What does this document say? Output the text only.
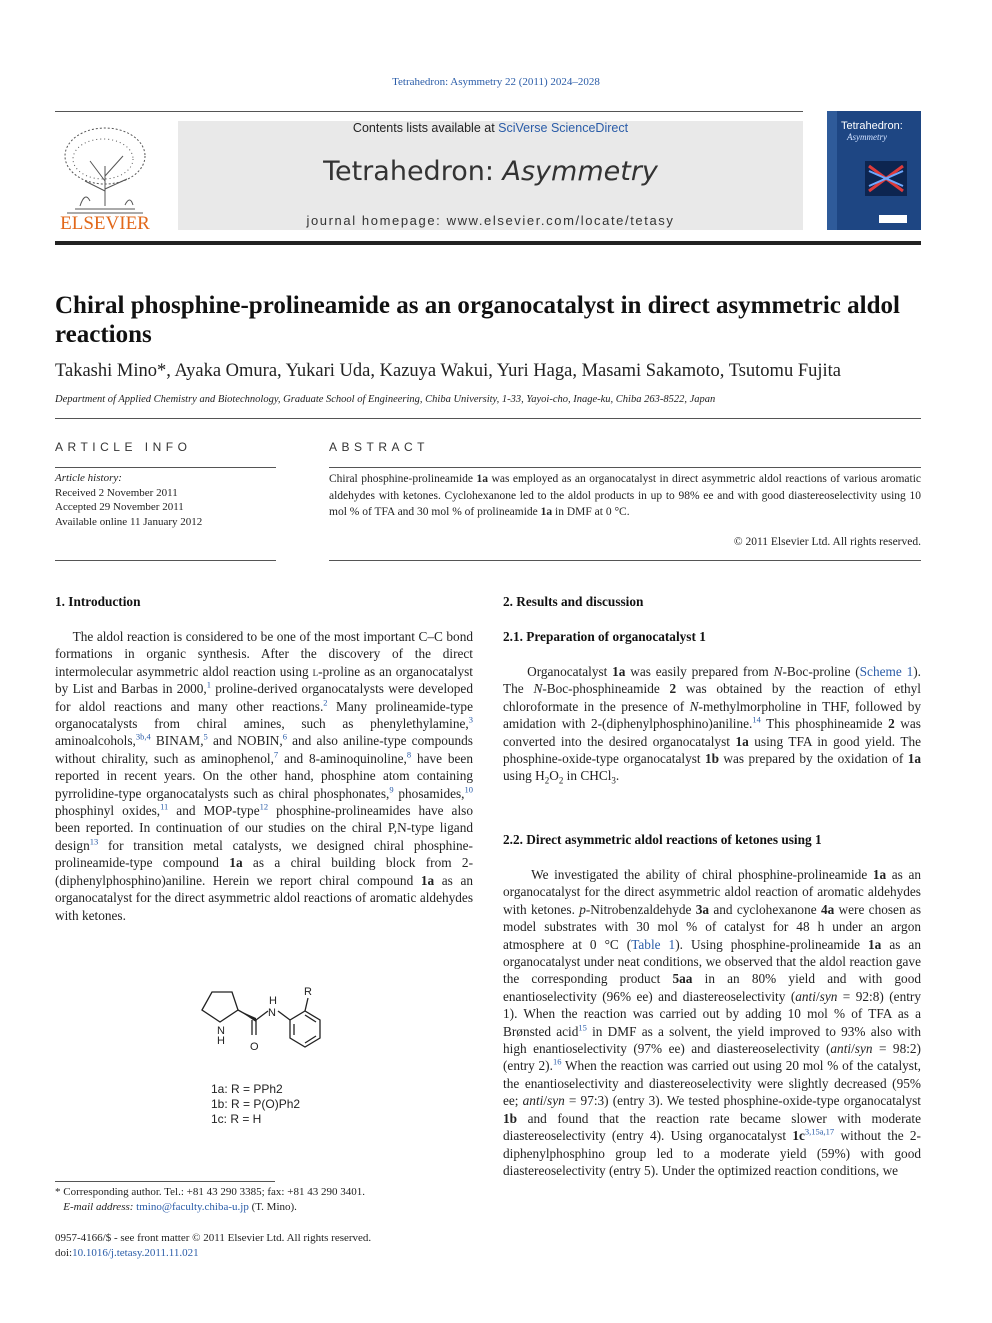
Tetrahedron: Asymmetry 22 (2011) 2024–2028
ELSEVIER
Contents lists available at SciVerse ScienceDirect
Tetrahedron: Asymmetry
journal homepage: www.elsevier.com/locate/tetasy
Tetrahedron:
Asymmetry
Chiral phosphine-prolineamide as an organocatalyst in direct asymmetric aldol reactions
Takashi Mino*, Ayaka Omura, Yukari Uda, Kazuya Wakui, Yuri Haga, Masami Sakamoto, Tsutomu Fujita
Department of Applied Chemistry and Biotechnology, Graduate School of Engineering, Chiba University, 1-33, Yayoi-cho, Inage-ku, Chiba 263-8522, Japan
ARTICLE INFO
Article history:
Received 2 November 2011
Accepted 29 November 2011
Available online 11 January 2012
ABSTRACT
Chiral phosphine-prolineamide 1a was employed as an organocatalyst in direct asymmetric aldol reactions of various aromatic aldehydes with ketones. Cyclohexanone led to the aldol products in up to 98% ee and with good diastereoselectivity using 10 mol % of TFA and 30 mol % of prolineamide 1a in DMF at 0 °C.
© 2011 Elsevier Ltd. All rights reserved.
1. Introduction
The aldol reaction is considered to be one of the most important C–C bond formations in organic synthesis. After the discovery of the direct intermolecular asymmetric aldol reaction using l-proline as an organocatalyst by List and Barbas in 2000,$^1$ proline-derived organocatalysts were developed for aldol reactions and many other reactions.$^2$ Many prolineamide-type organocatalysts from chiral amines, such as phenylethylamine,$^3$ aminoalcohols,$^{3b,4}$ BINAM,$^5$ and NOBIN,$^6$ and also aniline-type compounds without chirality, such as aminophenol,$^7$ and 8-aminoquinoline,$^8$ have been reported in recent years. On the other hand, phosphine atom containing pyrrolidine-type organocatalysts such as chiral phosphonates,$^9$ phosamides,$^{10}$ phosphinyl oxides,$^{11}$ and MOP-type$^{12}$ phosphine-prolineamides have also been reported. In continuation of our studies on the chiral P,N-type ligand design$^{13}$ for transition metal catalysts, we designed chiral phosphine-prolineamide-type compound 1a as a chiral building block from 2-(diphenylphosphino)aniline. Herein we report chiral compound 1a as an organocatalyst for the direct asymmetric aldol reactions of aromatic aldehydes with ketones.
N
H O
H
N
R
1a: R = PPh2
1b: R = P(O)Ph2
1c: R = H
* Corresponding author. Tel.: +81 43 290 3385; fax: +81 43 290 3401.
E-mail address: tmino@faculty.chiba-u.jp (T. Mino).
0957-4166/$ - see front matter © 2011 Elsevier Ltd. All rights reserved.
doi:10.1016/j.tetasy.2011.11.021
2. Results and discussion
2.1. Preparation of organocatalyst 1
Organocatalyst 1a was easily prepared from N-Boc-proline (Scheme 1). The N-Boc-phosphineamide 2 was obtained by the reaction of ethyl chloroformate in the presence of N-methylmorpholine in THF, followed by amidation with 2-(diphenylphosphino)aniline.$^{14}$ This phosphineamide 2 was converted into the desired organocatalyst 1a using TFA in good yield. The phosphine-oxide-type organocatalyst 1b was prepared by the oxidation of 1a using $H_2O_2$ in CHCl$_3$.
2.2. Direct asymmetric aldol reactions of ketones using 1
We investigated the ability of chiral phosphine-prolineamide 1a as an organocatalyst for the direct asymmetric aldol reaction of aromatic aldehydes with ketones. p-Nitrobenzaldehyde 3a and cyclohexanone 4a were chosen as model substrates with 30 mol % of catalyst for 48 h under an argon atmosphere at 0 °C (Table 1). Using phosphine-prolineamide 1a as an organocatalyst under neat conditions, we observed that the aldol reaction gave the corresponding product 5aa in an 80% yield and with good enantioselectivity (96% ee) and diastereoselectivity (anti/syn = 92:8) (entry 1). When the reaction was carried out by adding 10 mol % of TFA as a Brønsted acid$^{15}$ in DMF as a solvent, the yield improved to 93% also with high enantioselectivity (97% ee) and diastereoselectivity (anti/syn = 98:2) (entry 2).$^{16}$ When the reaction was carried out using 20 mol % of the catalyst, the enantioselectivity and diastereoselectivity were slightly decreased (95% ee; anti/syn = 97:3) (entry 3). We tested phosphine-oxide-type organocatalyst 1b and found that the reaction rate became slower with moderate diastereoselectivity (entry 4). Using organocatalyst $1c^{3,15a,17}$ without the 2-diphenylphosphino group led to a moderate yield (59%) with good diastereoselectivity (entry 5). Under the optimized reaction conditions, we
